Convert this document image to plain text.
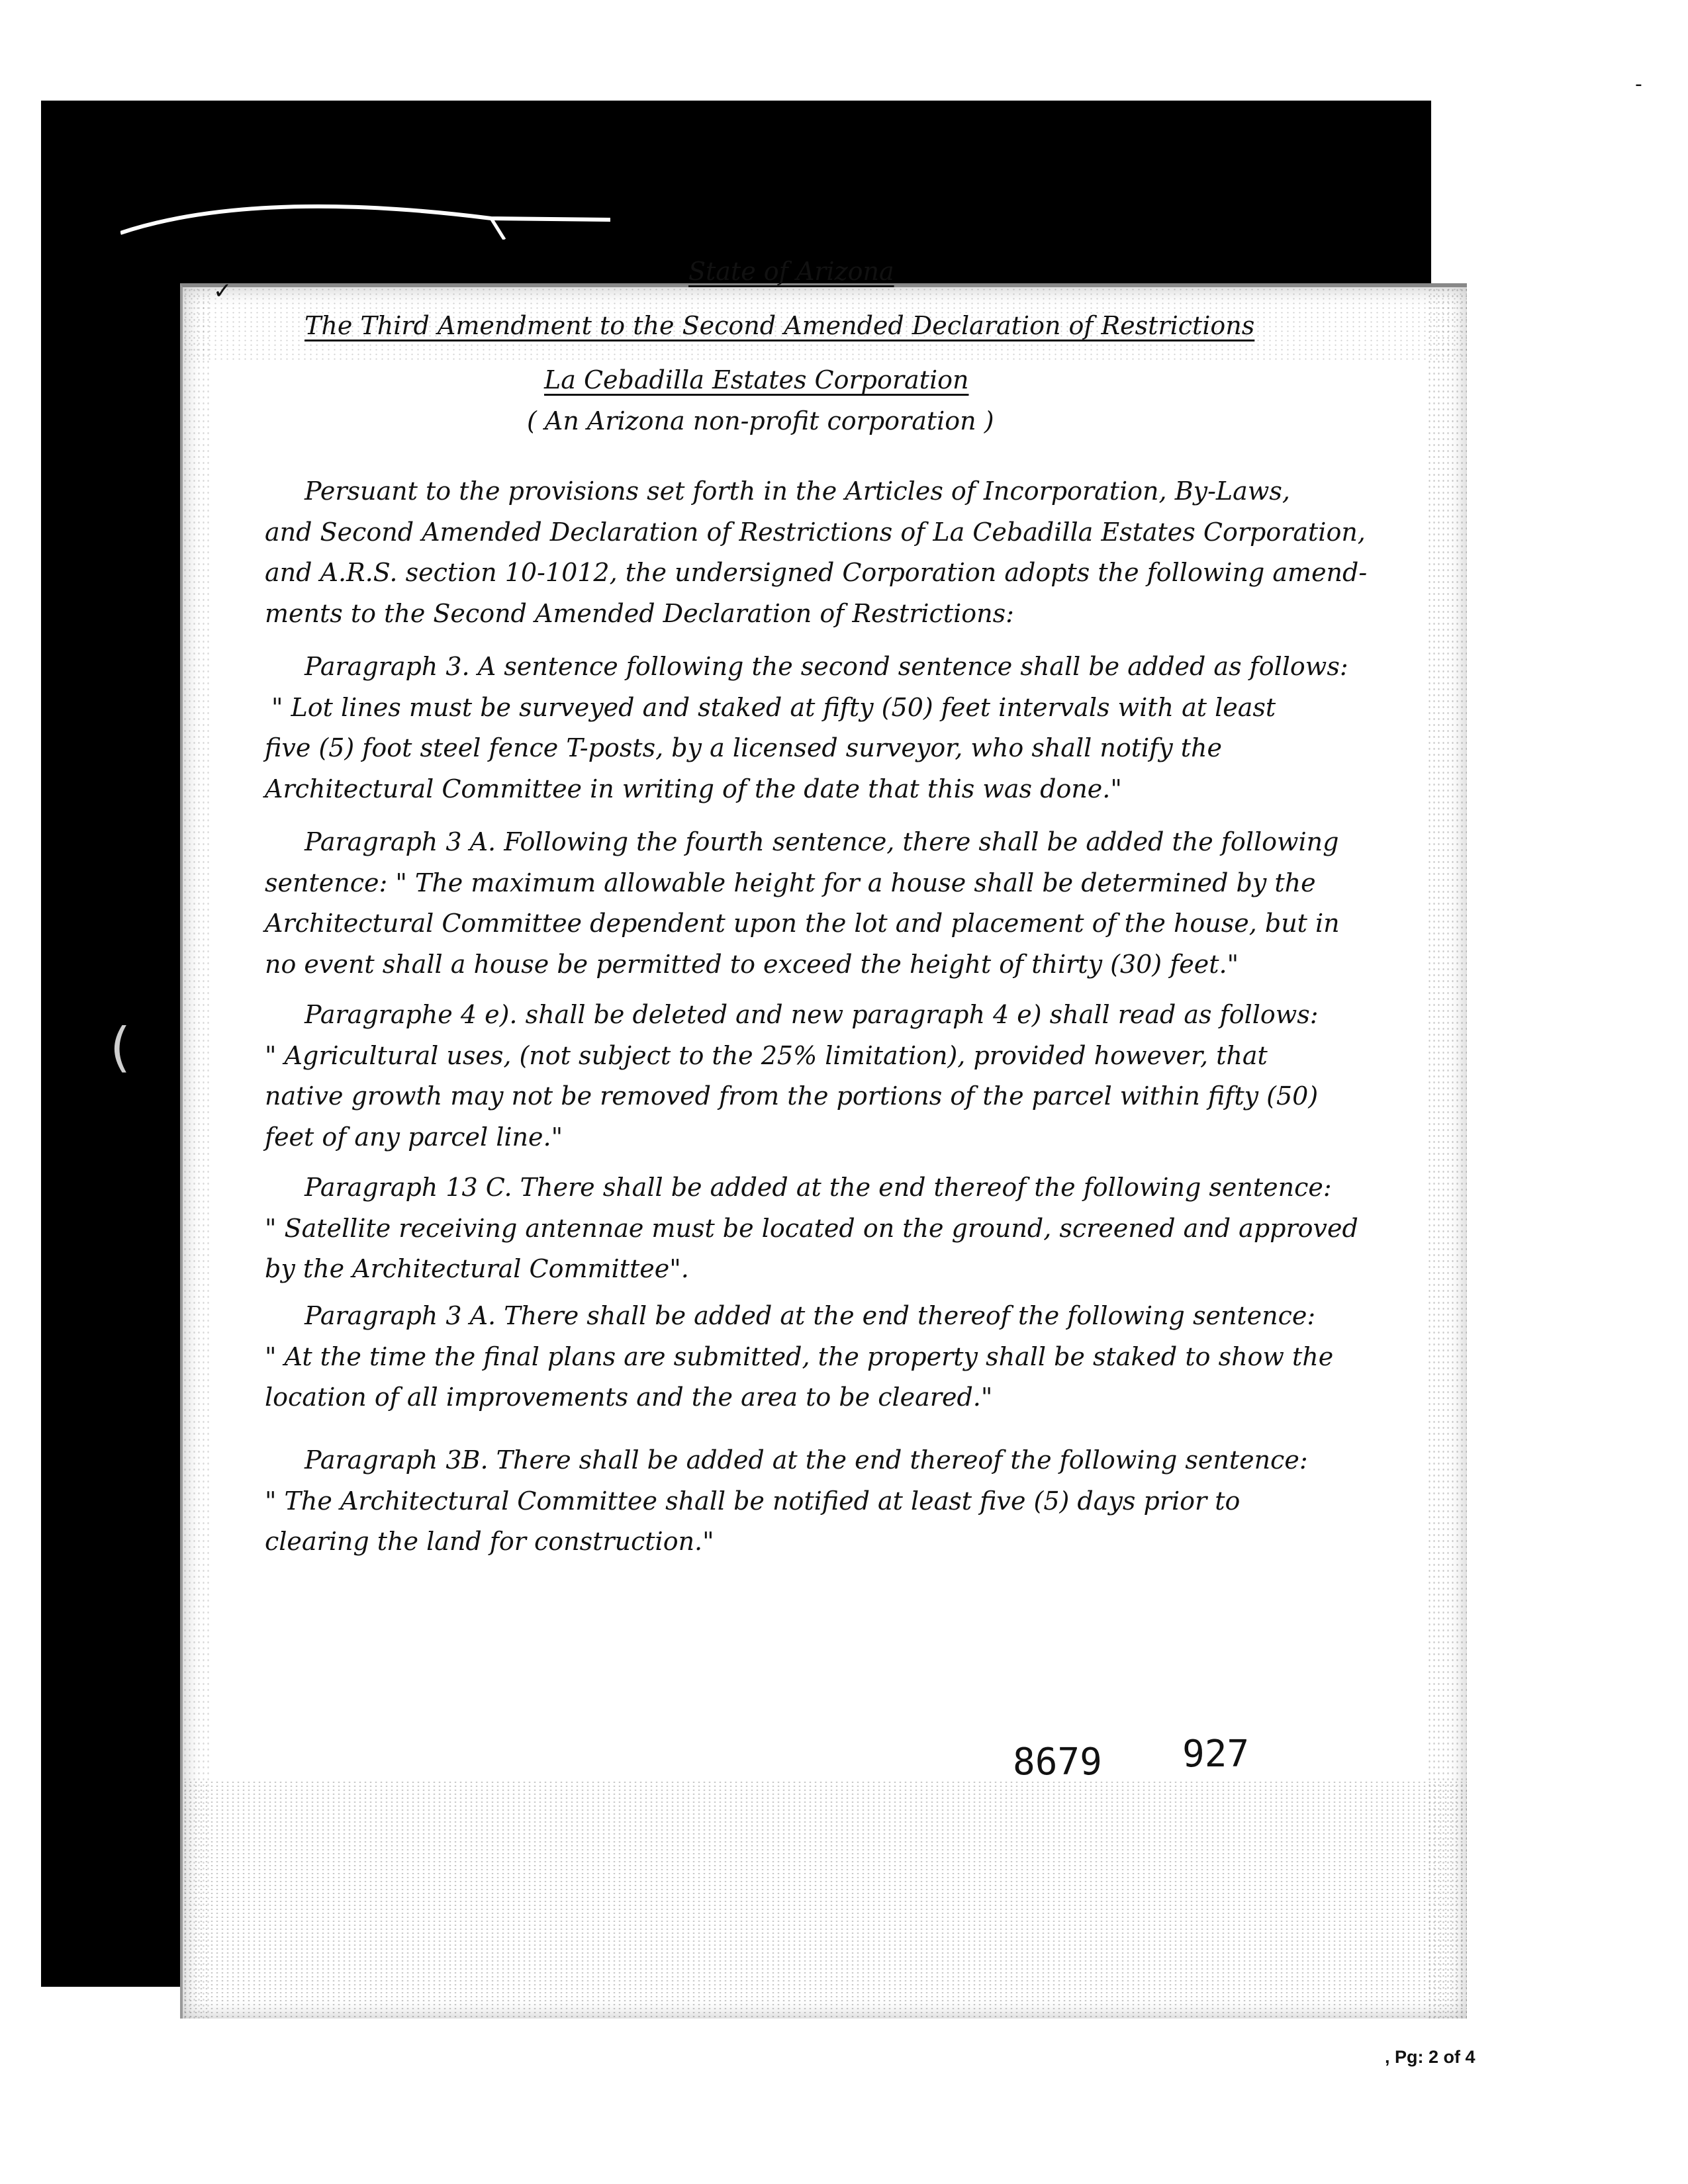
State of Arizona
The Third Amendment to the Second Amended Declaration of Restrictions
La Cebadilla Estates Corporation
( An Arizona non-profit corporation )

Persuant to the provisions set forth in the Articles of Incorporation, By-Laws,

and Second Amended Declaration of Restrictions of La Cebadilla Estates Corporation,

and A.R.S. section 10-1012, the undersigned Corporation adopts the following amend-

ments to the Second Amended Declaration of Restrictions:

Paragraph 3. A sentence following the second sentence shall be added as follows:

" Lot lines must be surveyed and staked at fifty (50) feet intervals with at least

five (5) foot steel fence T-posts, by a licensed surveyor, who shall notify the

Architectural Committee in writing of the date that this was done."

Paragraph 3 A. Following the fourth sentence, there shall be added the following

sentence: " The maximum allowable height for a house shall be determined by the

Architectural Committee dependent upon the lot and placement of the house, but in

no event shall a house be permitted to exceed the height of thirty (30) feet."

Paragraphe 4 e). shall be deleted and new paragraph 4 e) shall read as follows:

" Agricultural uses, (not subject to the 25% limitation), provided however, that

native growth may not be removed from the portions of the parcel within fifty (50)

feet of any parcel line."

Paragraph 13 C. There shall be added at the end thereof the following sentence:

" Satellite receiving antennae must be located on the ground, screened and approved

by the Architectural Committee".

Paragraph 3 A. There shall be added at the end thereof the following sentence:

" At the time the final plans are submitted, the property shall be staked to show the

location of all improvements and the area to be cleared."

Paragraph 3B. There shall be added at the end thereof the following sentence:

" The Architectural Committee shall be notified at least five (5) days prior to

clearing the land for construction."

8679 927
✓
(
-
, Pg: 2 of 4
